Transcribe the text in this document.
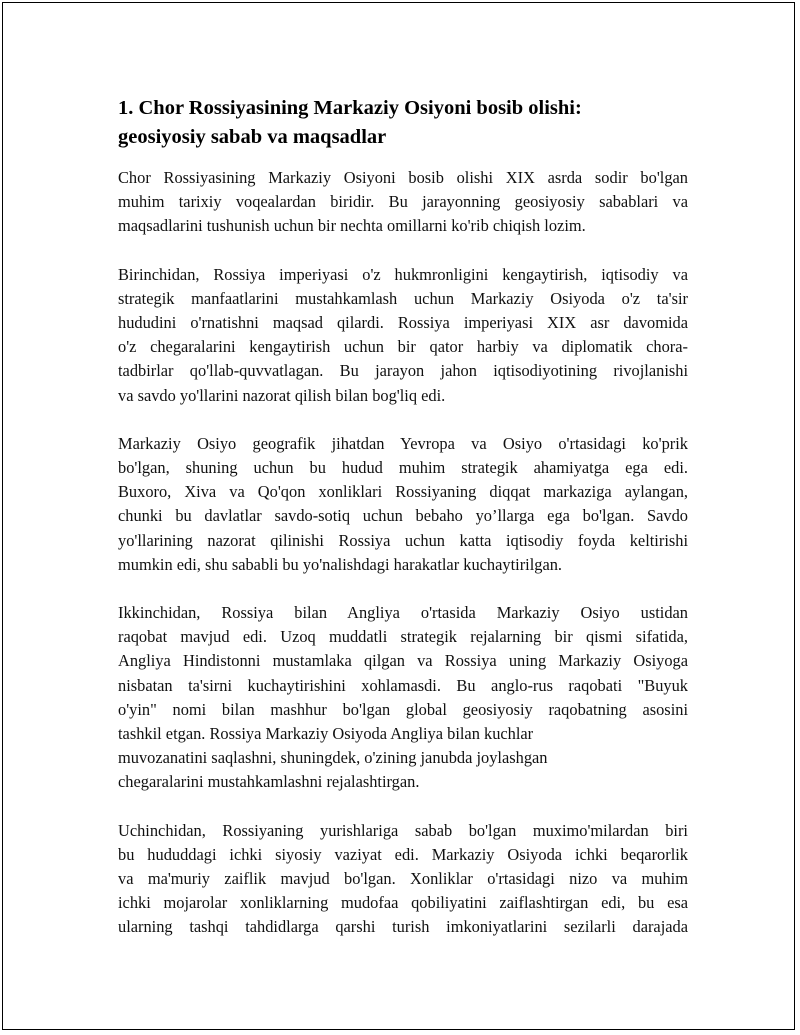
1. Chor Rossiyasining Markaziy Osiyoni bosib olishi:
geosiyosiy sabab va maqsadlar
Chor Rossiyasining Markaziy Osiyoni bosib olishi XIX asrda sodir bo'lgan
muhim tarixiy voqealardan biridir. Bu jarayonning geosiyosiy sabablari va
maqsadlarini tushunish uchun bir nechta omillarni ko'rib chiqish lozim.
Birinchidan, Rossiya imperiyasi o'z hukmronligini kengaytirish, iqtisodiy va
strategik manfaatlarini mustahkamlash uchun Markaziy Osiyoda o'z ta'sir
hududini o'rnatishni maqsad qilardi. Rossiya imperiyasi XIX asr davomida
o'z chegaralarini kengaytirish uchun bir qator harbiy va diplomatik chora-
tadbirlar qo'llab-quvvatlagan. Bu jarayon jahon iqtisodiyotining rivojlanishi
va savdo yo'llarini nazorat qilish bilan bog'liq edi.
Markaziy Osiyo geografik jihatdan Yevropa va Osiyo o'rtasidagi ko'prik
bo'lgan, shuning uchun bu hudud muhim strategik ahamiyatga ega edi.
Buxoro, Xiva va Qo'qon xonliklari Rossiyaning diqqat markaziga aylangan,
chunki bu davlatlar savdo-sotiq uchun bebaho yo’llarga ega bo'lgan. Savdo
yo'llarining nazorat qilinishi Rossiya uchun katta iqtisodiy foyda keltirishi
mumkin edi, shu sababli bu yo'nalishdagi harakatlar kuchaytirilgan.
Ikkinchidan, Rossiya bilan Angliya o'rtasida Markaziy Osiyo ustidan
raqobat mavjud edi. Uzoq muddatli strategik rejalarning bir qismi sifatida,
Angliya Hindistonni mustamlaka qilgan va Rossiya uning Markaziy Osiyoga
nisbatan ta'sirni kuchaytirishini xohlamasdi. Bu anglo-rus raqobati "Buyuk
o'yin" nomi bilan mashhur bo'lgan global geosiyosiy raqobatning asosini
tashkil etgan. Rossiya Markaziy Osiyoda Angliya bilan kuchlar
muvozanatini saqlashni, shuningdek, o'zining janubda joylashgan
chegaralarini mustahkamlashni rejalashtirgan.
Uchinchidan, Rossiyaning yurishlariga sabab bo'lgan muximo'milardan biri
bu hududdagi ichki siyosiy vaziyat edi. Markaziy Osiyoda ichki beqarorlik
va ma'muriy zaiflik mavjud bo'lgan. Xonliklar o'rtasidagi nizo va muhim
ichki mojarolar xonliklarning mudofaa qobiliyatini zaiflashtirgan edi, bu esa
ularning tashqi tahdidlarga qarshi turish imkoniyatlarini sezilarli darajada
